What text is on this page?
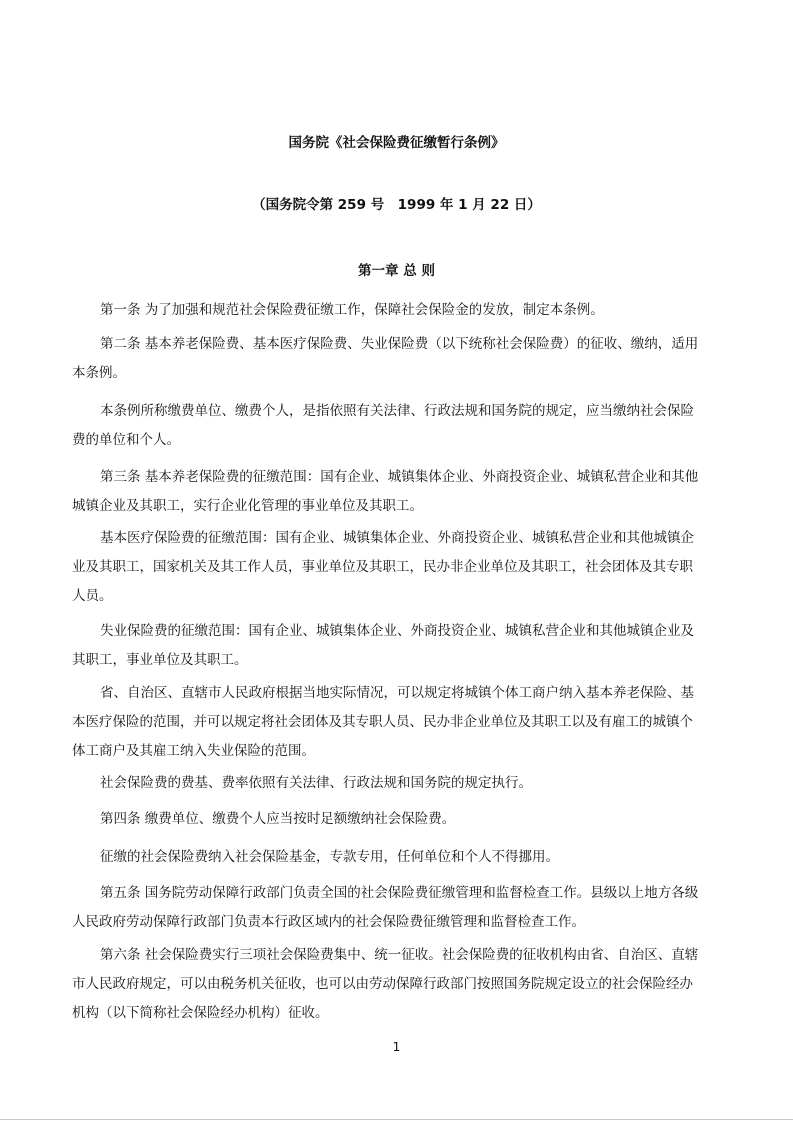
国务院《社会保险费征缴暂行条例》
（国务院令第 259 号　1999 年 1 月 22 日）
第一章 总 则
第一条 为了加强和规范社会保险费征缴工作，保障社会保险金的发放，制定本条例。
第二条 基本养老保险费、基本医疗保险费、失业保险费（以下统称社会保险费）的征收、缴纳，适用
本条例。
本条例所称缴费单位、缴费个人，是指依照有关法律、行政法规和国务院的规定，应当缴纳社会保险
费的单位和个人。
第三条 基本养老保险费的征缴范围：国有企业、城镇集体企业、外商投资企业、城镇私营企业和其他
城镇企业及其职工，实行企业化管理的事业单位及其职工。
基本医疗保险费的征缴范围：国有企业、城镇集体企业、外商投资企业、城镇私营企业和其他城镇企
业及其职工，国家机关及其工作人员，事业单位及其职工，民办非企业单位及其职工，社会团体及其专职
人员。
失业保险费的征缴范围：国有企业、城镇集体企业、外商投资企业、城镇私营企业和其他城镇企业及
其职工，事业单位及其职工。
省、自治区、直辖市人民政府根据当地实际情况，可以规定将城镇个体工商户纳入基本养老保险、基
本医疗保险的范围，并可以规定将社会团体及其专职人员、民办非企业单位及其职工以及有雇工的城镇个
体工商户及其雇工纳入失业保险的范围。
社会保险费的费基、费率依照有关法律、行政法规和国务院的规定执行。
第四条 缴费单位、缴费个人应当按时足额缴纳社会保险费。
征缴的社会保险费纳入社会保险基金，专款专用，任何单位和个人不得挪用。
第五条 国务院劳动保障行政部门负责全国的社会保险费征缴管理和监督检查工作。县级以上地方各级
人民政府劳动保障行政部门负责本行政区域内的社会保险费征缴管理和监督检查工作。
第六条 社会保险费实行三项社会保险费集中、统一征收。社会保险费的征收机构由省、自治区、直辖
市人民政府规定，可以由税务机关征收，也可以由劳动保障行政部门按照国务院规定设立的社会保险经办
机构（以下简称社会保险经办机构）征收。
1
